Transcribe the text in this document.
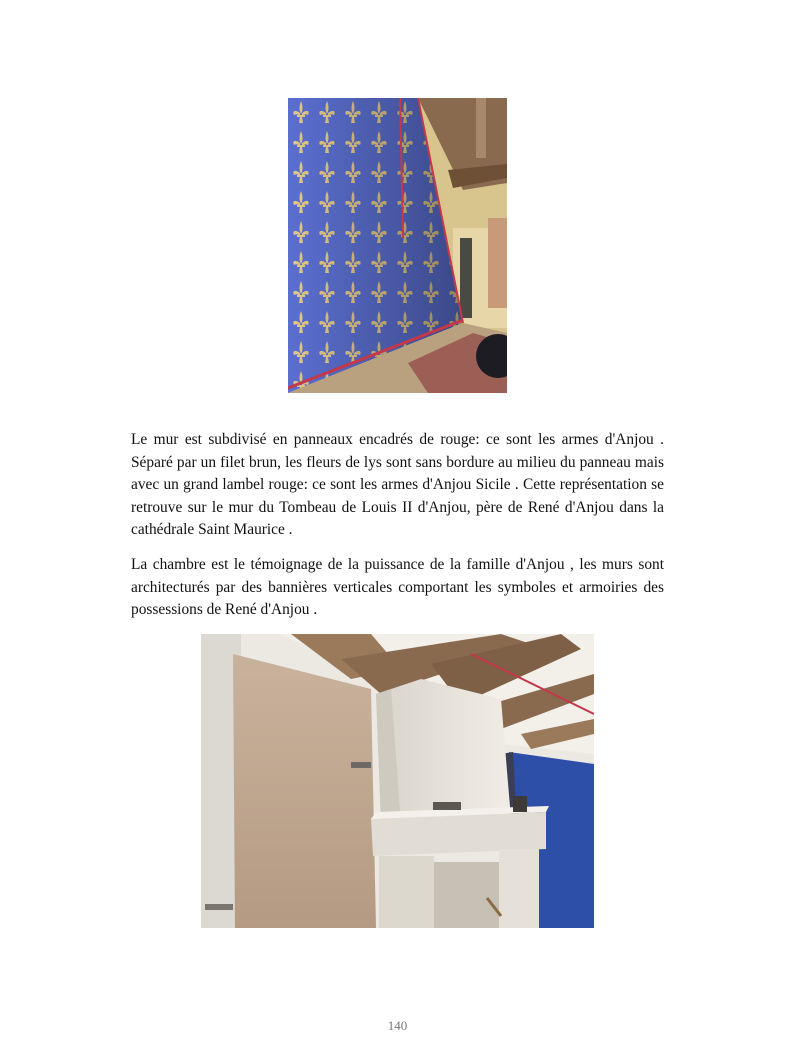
Le mur est subdivisé en panneaux encadrés de rouge: ce sont les armes d'Anjou . Séparé par un filet brun, les fleurs de lys sont sans bordure au milieu du panneau mais avec un grand lambel rouge: ce sont les armes d'Anjou Sicile . Cette représentation se retrouve sur le mur du Tombeau de Louis II d'Anjou, père de René d'Anjou dans la cathédrale Saint Maurice .

La chambre est le témoignage de la puissance de la famille d'Anjou , les murs sont architecturés par des bannières verticales comportant les symboles et armoiries des possessions de René d'Anjou .

140
